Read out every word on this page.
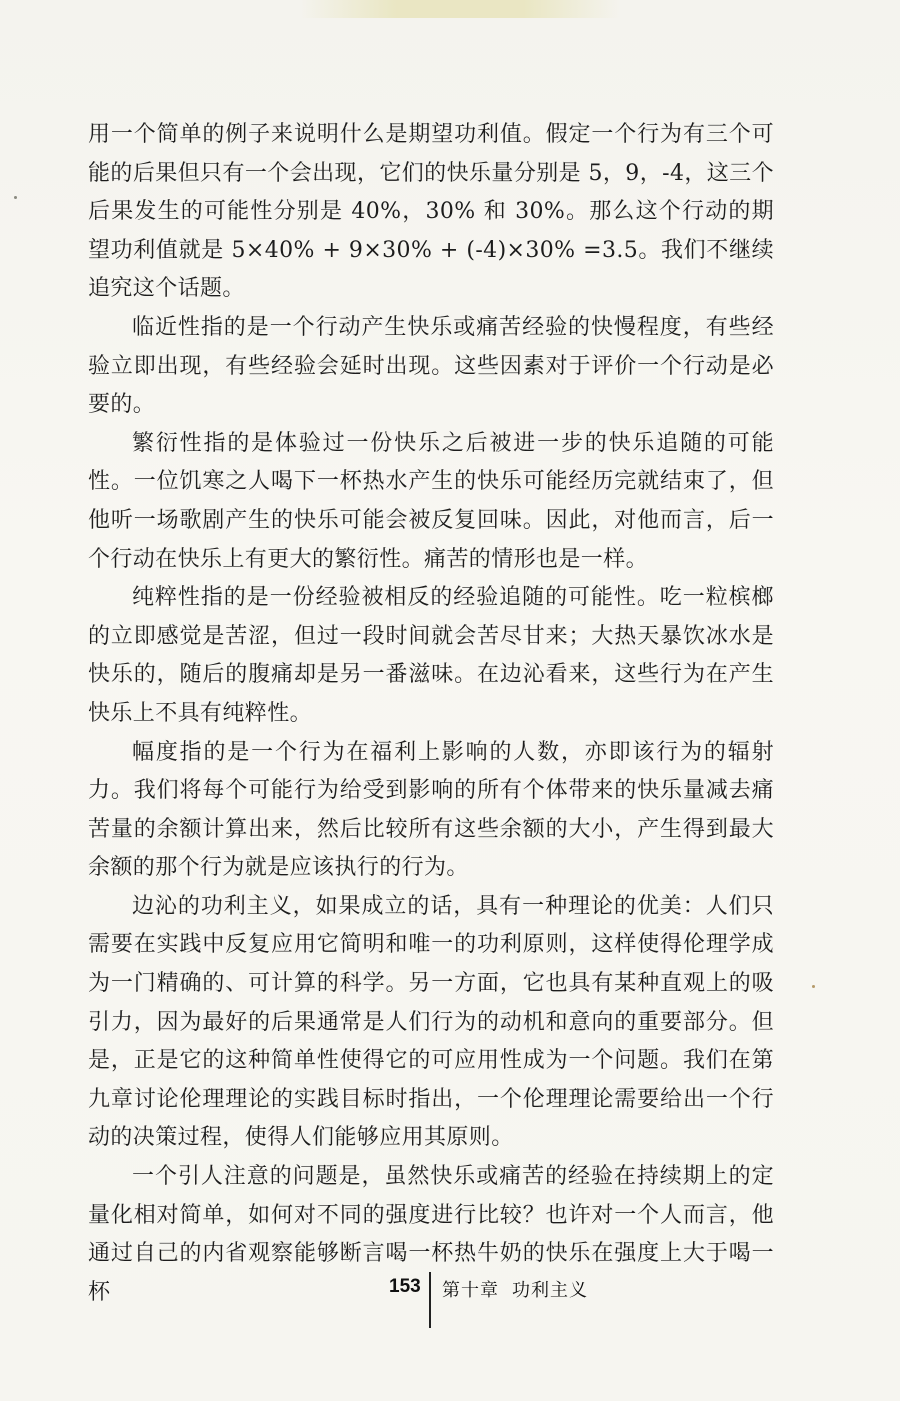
用一个简单的例子来说明什么是期望功利值。假定一个行为有三个可能的后果但只有一个会出现，它们的快乐量分别是 5，9，-4，这三个后果发生的可能性分别是 40%，30% 和 30%。那么这个行动的期望功利值就是 5×40% + 9×30% + (-4)×30% =3.5。我们不继续追究这个话题。

临近性指的是一个行动产生快乐或痛苦经验的快慢程度，有些经验立即出现，有些经验会延时出现。这些因素对于评价一个行动是必要的。

繁衍性指的是体验过一份快乐之后被进一步的快乐追随的可能性。一位饥寒之人喝下一杯热水产生的快乐可能经历完就结束了，但他听一场歌剧产生的快乐可能会被反复回味。因此，对他而言，后一个行动在快乐上有更大的繁衍性。痛苦的情形也是一样。

纯粹性指的是一份经验被相反的经验追随的可能性。吃一粒槟榔的立即感觉是苦涩，但过一段时间就会苦尽甘来；大热天暴饮冰水是快乐的，随后的腹痛却是另一番滋味。在边沁看来，这些行为在产生快乐上不具有纯粹性。

幅度指的是一个行为在福利上影响的人数，亦即该行为的辐射力。我们将每个可能行为给受到影响的所有个体带来的快乐量减去痛苦量的余额计算出来，然后比较所有这些余额的大小，产生得到最大余额的那个行为就是应该执行的行为。

边沁的功利主义，如果成立的话，具有一种理论的优美：人们只需要在实践中反复应用它简明和唯一的功利原则，这样使得伦理学成为一门精确的、可计算的科学。另一方面，它也具有某种直观上的吸引力，因为最好的后果通常是人们行为的动机和意向的重要部分。但是，正是它的这种简单性使得它的可应用性成为一个问题。我们在第九章讨论伦理理论的实践目标时指出，一个伦理理论需要给出一个行动的决策过程，使得人们能够应用其原则。

一个引人注意的问题是，虽然快乐或痛苦的经验在持续期上的定量化相对简单，如何对不同的强度进行比较？也许对一个人而言，他通过自己的内省观察能够断言喝一杯热牛奶的快乐在强度上大于喝一杯	153 第十章 功利主义
